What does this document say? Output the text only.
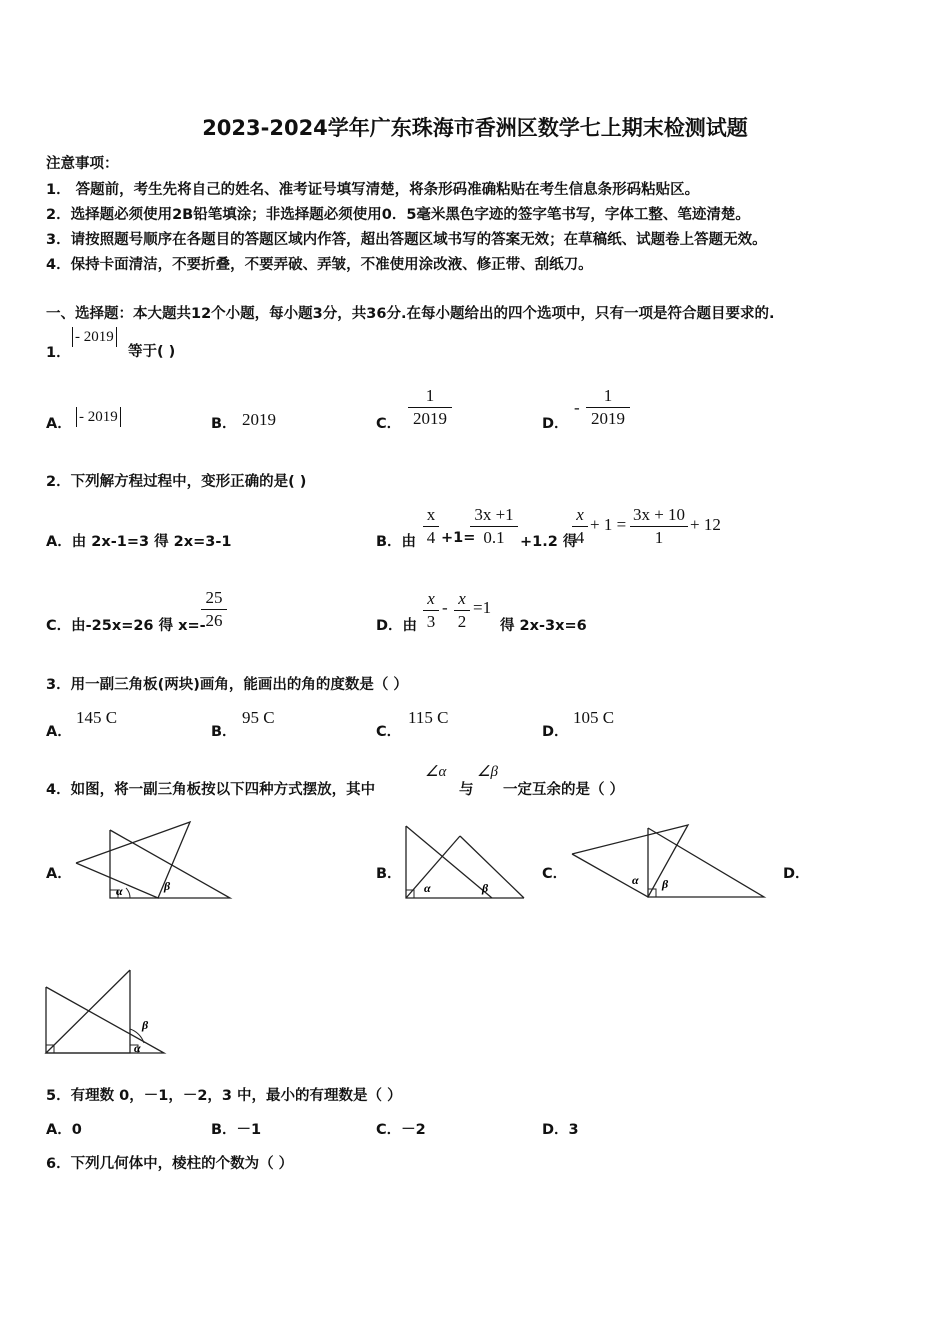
2023-2024学年广东珠海市香洲区数学七上期末检测试题
注意事项：
1． 答题前，考生先将自己的姓名、准考证号填写清楚，将条形码准确粘贴在考生信息条形码粘贴区。
2．选择题必须使用2B铅笔填涂；非选择题必须使用0．5毫米黑色字迹的签字笔书写，字体工整、笔迹清楚。
3．请按照题号顺序在各题目的答题区域内作答，超出答题区域书写的答案无效；在草稿纸、试题卷上答题无效。
4．保持卡面清洁，不要折叠，不要弄破、弄皱，不准使用涂改液、修正带、刮纸刀。
一、选择题：本大题共12个小题，每小题3分，共36分.在每小题给出的四个选项中，只有一项是符合题目要求的.
1．
- 2019
等于( )
A． - 2019	B． 2019	C．
1
2019	D．
-
1
2019
2．下列解方程过程中，变形正确的是( )
A．由 2x-1=3 得 2x=3-1	B．由
x
4 +1=
3x +1
0.1	+1.2 得
x
4
+ 1 =
3x + 10
1
+ 12
C．由-25x=26 得 x=-
25
26	D．由
x
3
- x
2
=1
得 2x-3x=6
3．用一副三角板(两块)画角，能画出的角的度数是（ ）
A．
145 C
B．
95 C
C．
115 C
D．
105 C
4．如图，将一副三角板按以下四种方式摆放，其中
∠α
与
∠β
一定互余的是（ ）
A．	B．	C．	D．
α	β	α	β
α β
β
α
5．有理数 0，－1，－2，3 中，最小的有理数是（ ）
A．0	B．－1	C．－2	D．3
6．下列几何体中，棱柱的个数为（ ）
